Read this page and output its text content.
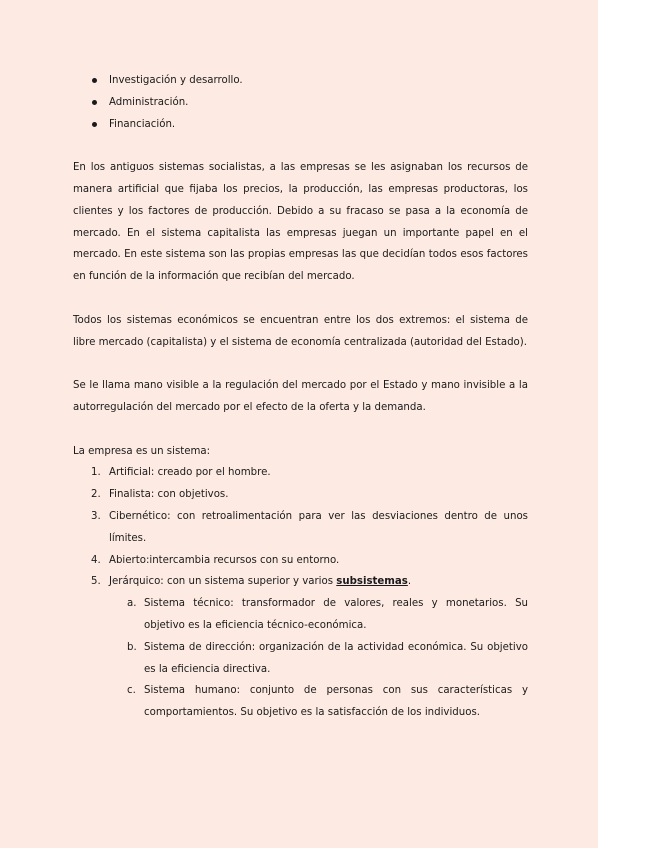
Investigación y desarrollo.
Administración.
Financiación.

En los antiguos sistemas socialistas, a las empresas se les asignaban los recursos de manera artificial que fijaba los precios, la producción, las empresas productoras, los clientes y los factores de producción. Debido a su fracaso se pasa a la economía de mercado. En el sistema capitalista las empresas juegan un importante papel en el mercado. En este sistema son las propias empresas las que decidían todos esos factores en función de la información que recibían del mercado.

Todos los sistemas económicos se encuentran entre los dos extremos: el sistema de libre mercado (capitalista) y el sistema de economía centralizada (autoridad del Estado).

Se le llama mano visible a la regulación del mercado por el Estado y mano invisible a la autorregulación del mercado por el efecto de la oferta y la demanda.

La empresa es un sistema:

1. Artificial: creado por el hombre.
2. Finalista: con objetivos.
3. Cibernético: con retroalimentación para ver las desviaciones dentro de unos límites.
4. Abierto:intercambia recursos con su entorno.
5. Jerárquico: con un sistema superior y varios subsistemas.
a. Sistema técnico: transformador de valores, reales y monetarios. Su objetivo es la eficiencia técnico-económica.
b. Sistema de dirección: organización de la actividad económica. Su objetivo es la eficiencia directiva.
c. Sistema humano: conjunto de personas con sus características y comportamientos. Su objetivo es la satisfacción de los individuos.
